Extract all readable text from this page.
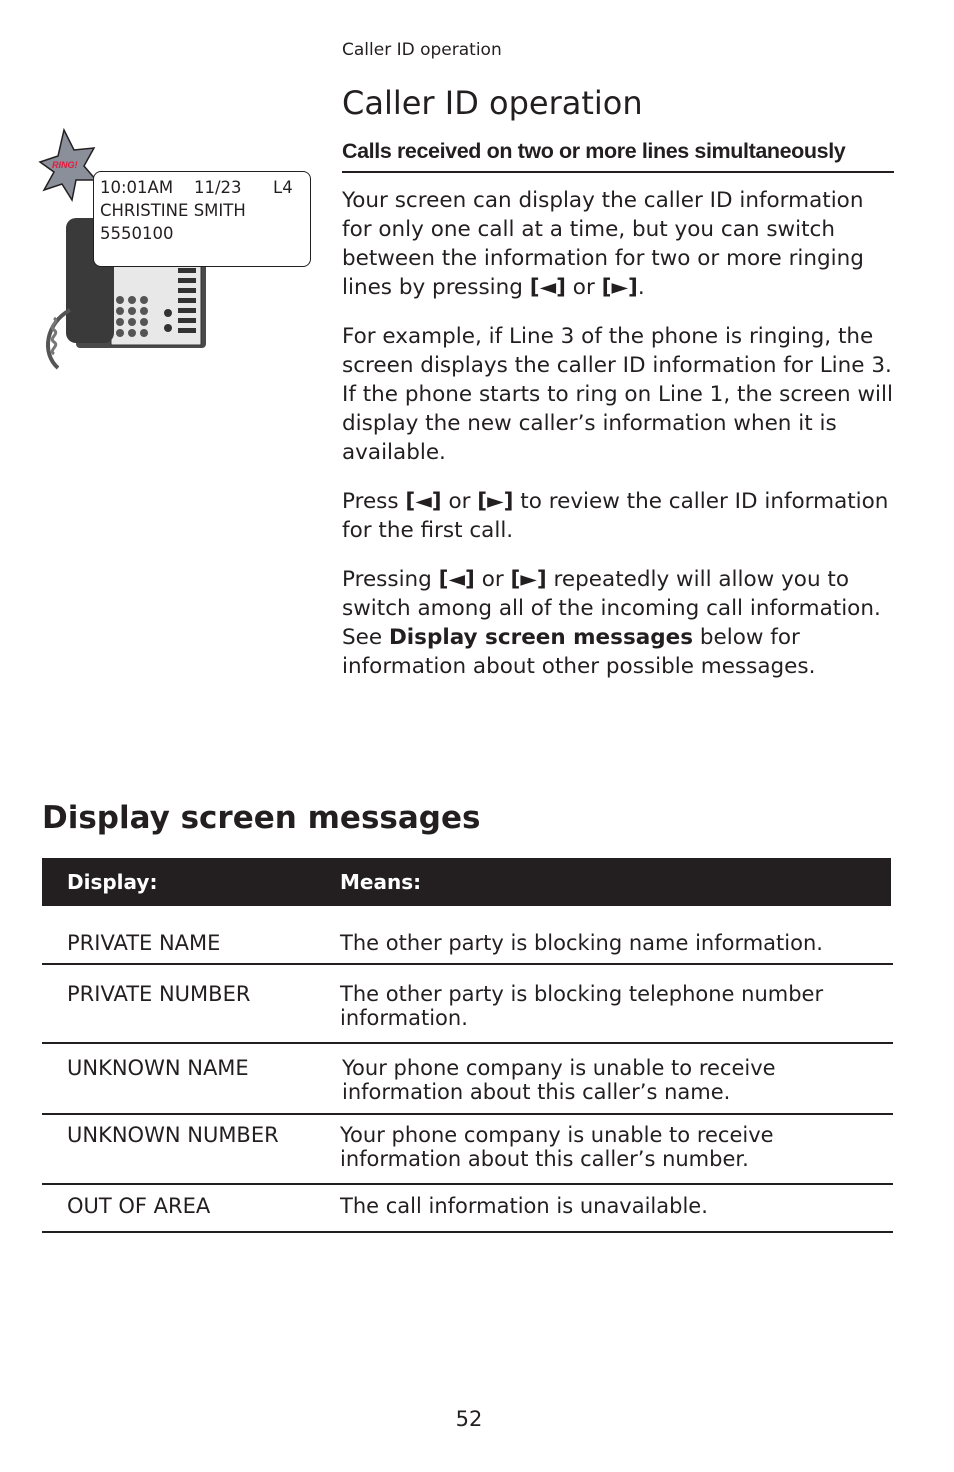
Caller ID operation
Caller ID operation
Calls received on two or more lines simultaneously

Your screen can display the caller ID information for only one call at a time, but you can switch between the information for two or more ringing lines by pressing [◄] or [►].

For example, if Line 3 of the phone is ringing, the screen displays the caller ID information for Line 3. If the phone starts to ring on Line 1, the screen will display the new caller’s information when it is available.

Press [◄] or [►] to review the caller ID information for the first call.

Pressing [◄] or [►] repeatedly will allow you to switch among all of the incoming call information. See Display screen messages below for information about other possible messages.

RING!
10:01AM 11/23 L4
CHRISTINE SMITH
5550100
Display screen messages
Display:	Means:
PRIVATE NAME	The other party is blocking name information.
PRIVATE NUMBER	The other party is blocking telephone number information.
UNKNOWN NAME	Your phone company is unable to receive information about this caller’s name.
UNKNOWN NUMBER	Your phone company is unable to receive information about this caller’s number.
OUT OF AREA	The call information is unavailable.
52
